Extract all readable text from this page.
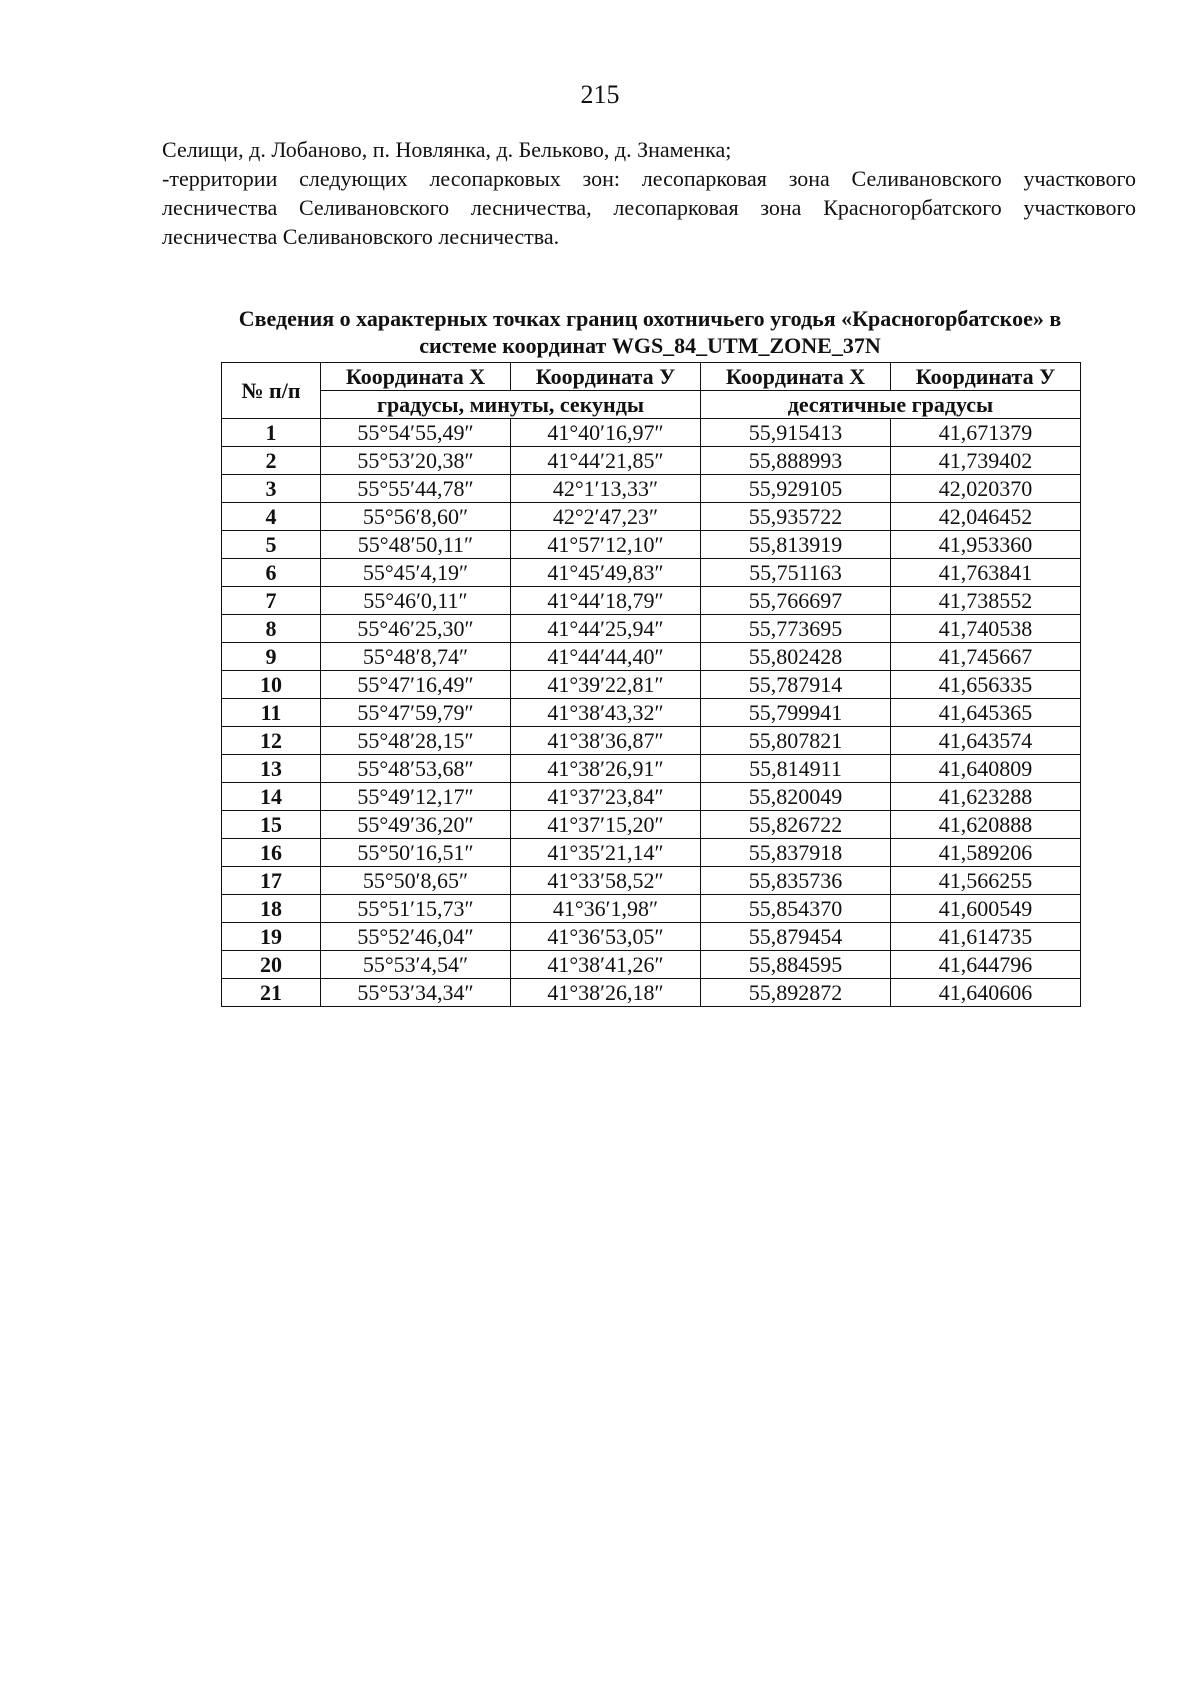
215

Селищи, д. Лобаново, п. Новлянка, д. Бельково, д. Знаменка;

-территории следующих лесопарковых зон: лесопарковая зона Селивановского участкового лесничества Селивановского лесничества, лесопарковая зона Красногорбатского участкового лесничества Селивановского лесничества.

Сведения о характерных точках границ охотничьего угодья «Красногорбатское» в
системе координат WGS_84_UTM_ZONE_37N
№ п/п	Координата Х	Координата У	Координата Х	Координата У
	градусы, минуты, секунды		десятичные градусы	
1	55°54′55,49″	41°40′16,97″	55,915413	41,671379
2	55°53′20,38″	41°44′21,85″	55,888993	41,739402
3	55°55′44,78″	42°1′13,33″	55,929105	42,020370
4	55°56′8,60″	42°2′47,23″	55,935722	42,046452
5	55°48′50,11″	41°57′12,10″	55,813919	41,953360
6	55°45′4,19″	41°45′49,83″	55,751163	41,763841
7	55°46′0,11″	41°44′18,79″	55,766697	41,738552
8	55°46′25,30″	41°44′25,94″	55,773695	41,740538
9	55°48′8,74″	41°44′44,40″	55,802428	41,745667
10	55°47′16,49″	41°39′22,81″	55,787914	41,656335
11	55°47′59,79″	41°38′43,32″	55,799941	41,645365
12	55°48′28,15″	41°38′36,87″	55,807821	41,643574
13	55°48′53,68″	41°38′26,91″	55,814911	41,640809
14	55°49′12,17″	41°37′23,84″	55,820049	41,623288
15	55°49′36,20″	41°37′15,20″	55,826722	41,620888
16	55°50′16,51″	41°35′21,14″	55,837918	41,589206
17	55°50′8,65″	41°33′58,52″	55,835736	41,566255
18	55°51′15,73″	41°36′1,98″	55,854370	41,600549
19	55°52′46,04″	41°36′53,05″	55,879454	41,614735
20	55°53′4,54″	41°38′41,26″	55,884595	41,644796
21	55°53′34,34″	41°38′26,18″	55,892872	41,640606
